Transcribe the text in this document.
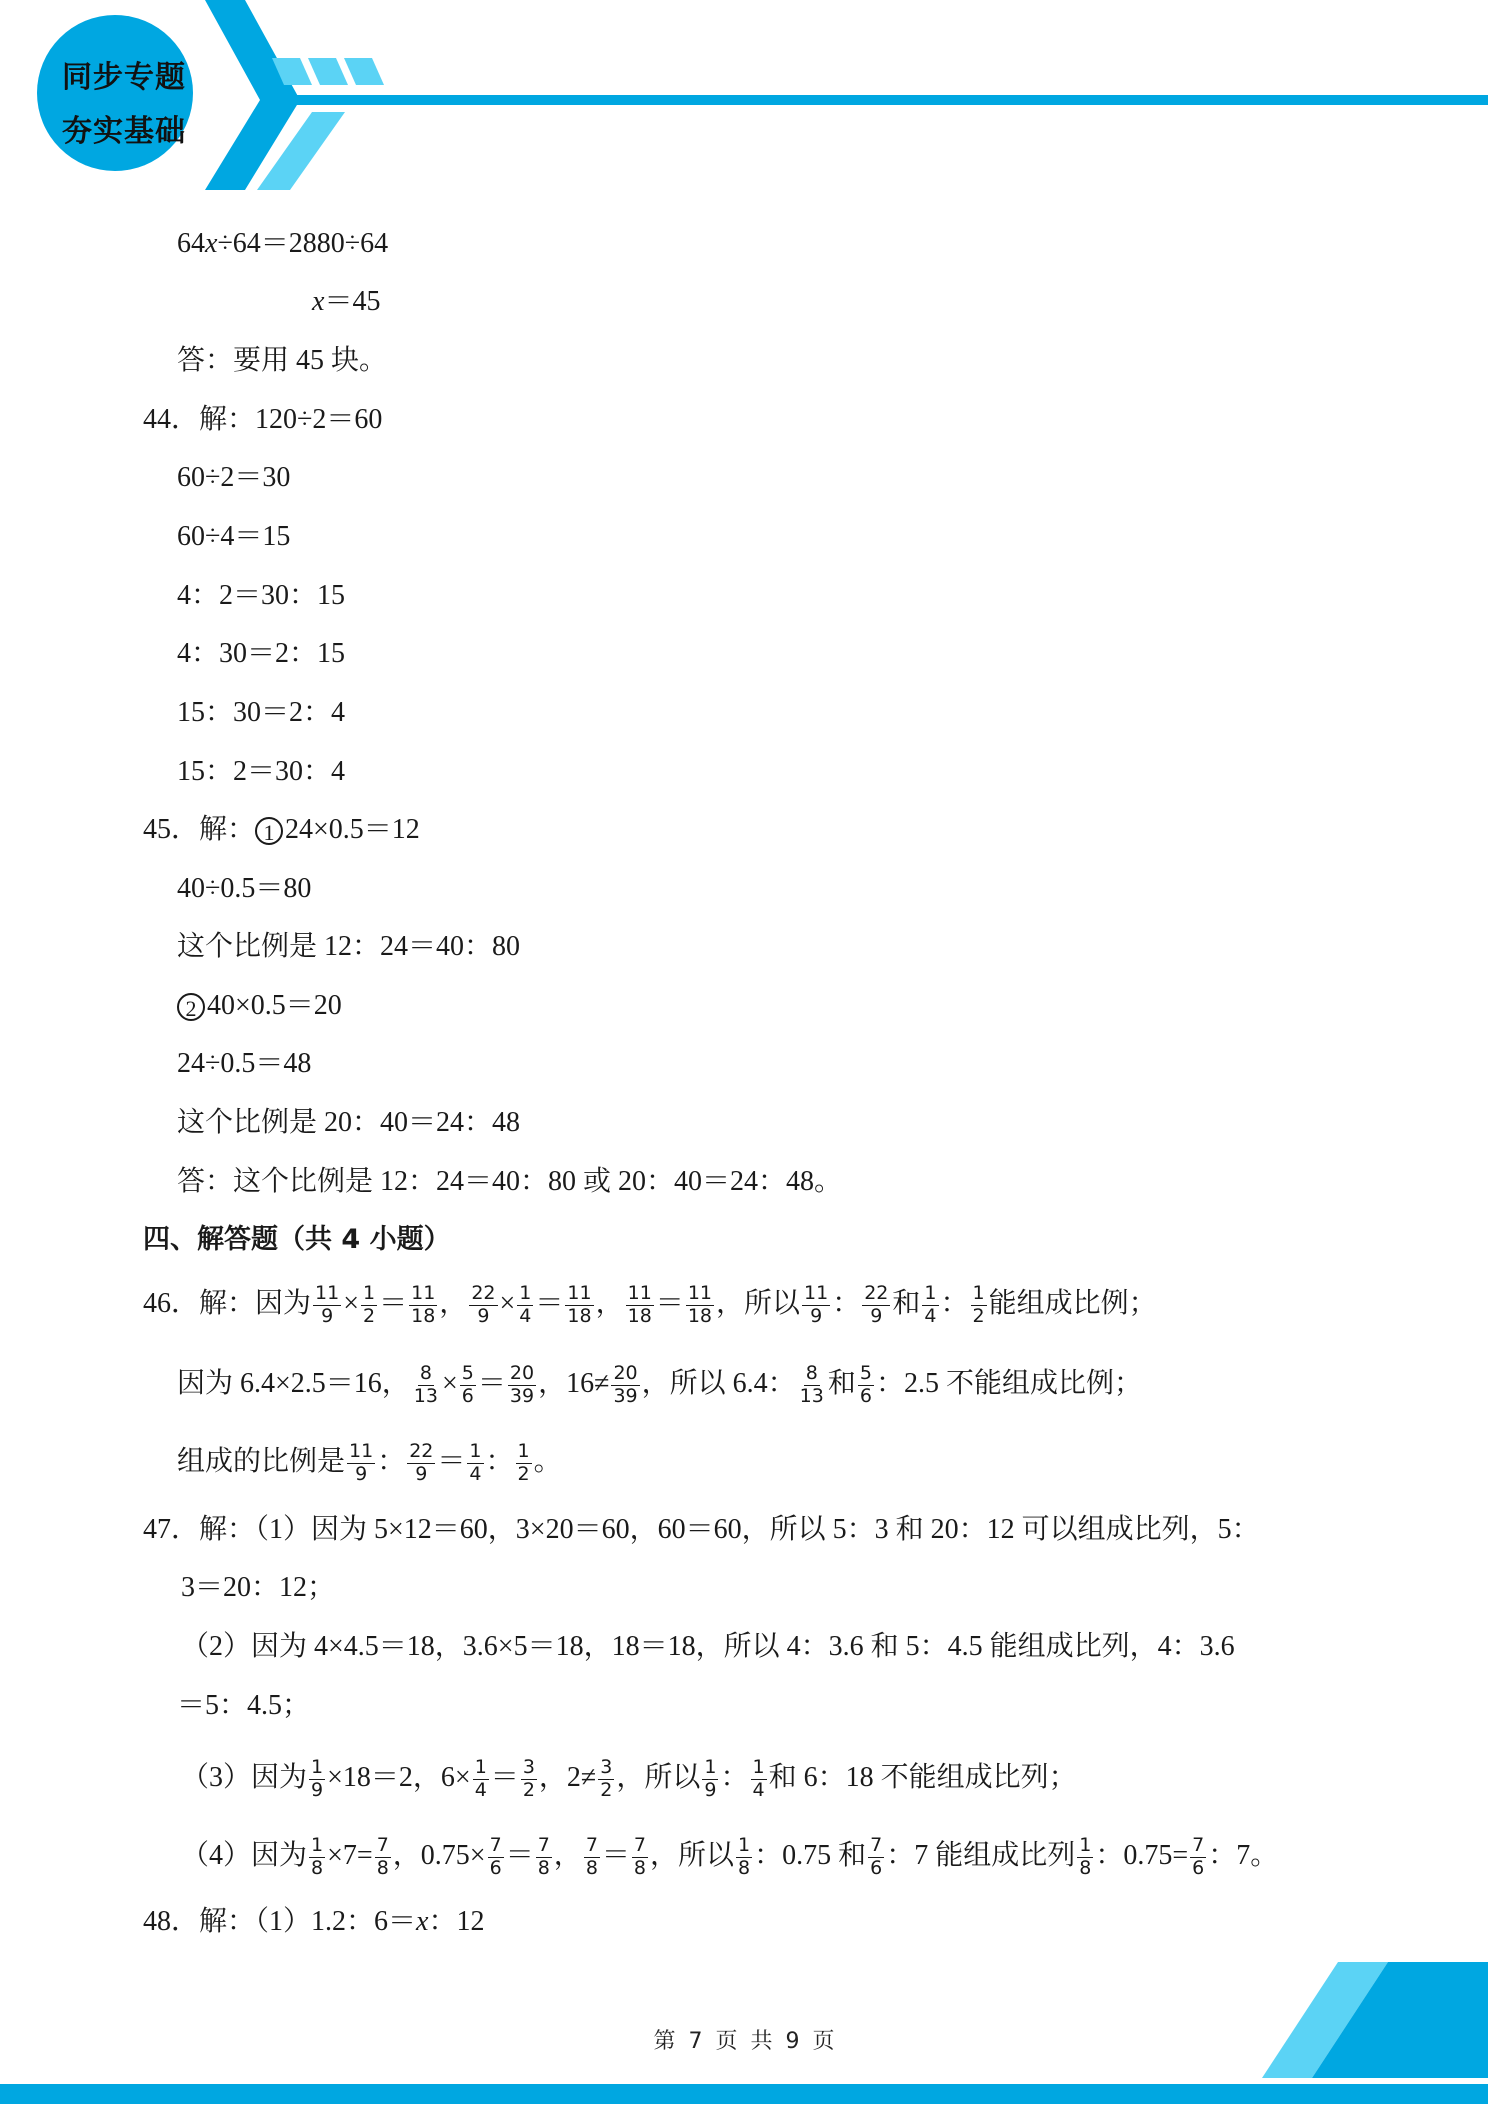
同步专题
夯实基础
64x÷64＝2880÷64
x＝45
答：要用 45 块。
44．解：120÷2＝60
60÷2＝30
60÷4＝15
4：2＝30：15
4：30＝2：15
15：30＝2：4
15：2＝30：4
45．解： 1 24×0.5＝12
40÷0.5＝80
这个比例是 12：24＝40：80
2 40×0.5＝20
24÷0.5＝48
这个比例是 20：40＝24：48
答：这个比例是 12：24＝40：80 或 20：40＝24：48。
四、解答题（共 4 小题）
46．解：因为 $\frac{11}{9} \times \frac{1}{2} = \frac{11}{18}$ ， $\frac{22}{9} \times \frac{1}{4} = \frac{11}{18}$ ， $\frac{11}{18} = \frac{11}{18}$ ，所以 $\frac{11}{9}$ ： $\frac{22}{9}$ 和 $\frac{1}{4}$ ： $\frac{1}{2}$ 能组成比例；
因为 6.4×2.5＝16， $\frac{8}{13} \times \frac{5}{6} = \frac{20}{39}$ ，$16\ne \frac{20}{39}$ ，所以 6.4： $\frac{8}{13}$ 和 $\frac{5}{6}$ ：2.5 不能组成比例；
组成的比例是 $\frac{11}{9}$ ： $\frac{22}{9} = \frac{1}{4}$ ： $\frac{1}{2}$ 。
47．解：（1）因为 5×12＝60，3×20＝60，60＝60，所以 5：3 和 20：12 可以组成比列，5：
3＝20：12；
（2）因为 4×4.5＝18，3.6×5＝18，18＝18，所以 4：3.6 和 5：4.5 能组成比列，4：3.6
＝5：4.5；
（3）因为 $\frac{1}{9} \times 18=2$，$6\times \frac{1}{4} = \frac{3}{2}$ ，$2\ne \frac{3}{2}$ ，所以 $\frac{1}{9}$ ： $\frac{1}{4}$ 和 6：18 不能组成比列；
（4）因为 $\frac{1}{8} \times 7= \frac{7}{8}$ ，$0.75\times \frac{7}{6} = \frac{7}{8}$ ， $\frac{7}{8} = \frac{7}{8}$ ，所以 $\frac{1}{8}$ ：0.75 和 $\frac{7}{6}$ ：7 能组成比列 $\frac{1}{8}$ ：$0.75= \frac{7}{6}$ ：7。
48．解：（1）1.2：6＝x：12
第 7 页 共 9 页
